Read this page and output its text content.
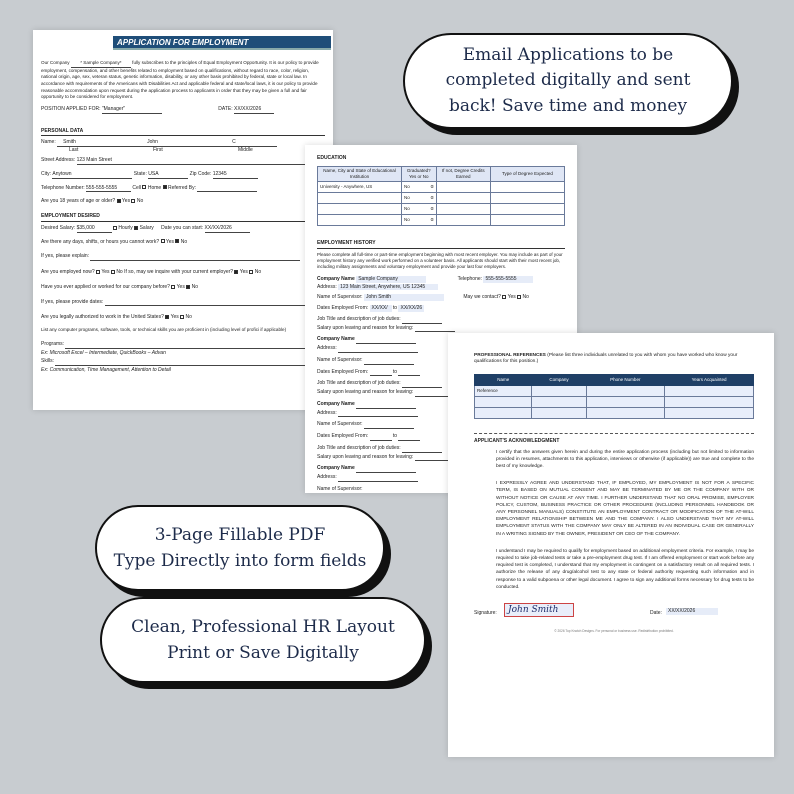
APPLICATION FOR EMPLOYMENT
Our Company * Sample Company* fully subscribes to the principles of Equal Employment Opportunity. It is our policy to provide employment, compensation, and other benefits related to employment based on qualifications, without regard to race, color, religion, national origin, age, sex, veteran status, genetic information, disability, or any other basis prohibited by federal, state or local law. In accordance with requirements of the Americans with Disabilities Act and applicable federal and state/local laws, it is our policy to provide reasonable accommodation upon request during the application process to applicants in order that they may be given a full and fair opportunity to be considered for employment.
POSITION APPLIED FOR: "Manager"	DATE: XX/XX/2026
PERSONAL DATA
Name: Smith	John	C

Last	First	Middle
Street Address: 123 Main Street
City: Anytown	State: USA	Zip Code: 12345
Telephone Number: 555-555-5555	Cell Home Referred By:
Are you 18 years of age or older? Yes No
EMPLOYMENT DESIRED
Desired Salary: $35,000	Hourly Salary Date you can start: XX/XX/2026
Are there any days, shifts, or hours you cannot work? Yes No
If yes, please explain:
Are you employed now? Yes No If so, may we inquire with your current employer? Yes No
Have you ever applied or worked for our company before? Yes No
If yes, please provide dates:
Are you legally authorized to work in the United States? Yes No
List any computer programs, software, tools, or technical skills you are proficient in (including level of profici if applicable)
Programs:
Ex: Microsoft Excel – Intermediate, QuickBooks – Advan
Skills:
Ex: Communication, Time Management, Attention to Detail
EDUCATION
Name, City and State of Educational Institution	Graduated? Yes or No	If not, Degree Credits Earned	Type of Degree Expected
University - Anywhere, US	No ⦻		

	No ⦻		

	No ⦻		

	No ⦻		

EMPLOYMENT HISTORY
Please complete all full-time or part-time employment beginning with most recent employer. You may include as part of your employment history any verified work performed on a volunteer basis. All applicants should start with their most recent job, including military assignments and voluntary employment and provide your last four employers.
Company Name Sample Company	Telephone: 555-555-5555
Address: 123 Main Street, Anywhere, US 12345
Name of Supervisor: John Smith	May we contact? Yes No
Dates Employed From: XX/XX/ to XX/XX/26
Job Title and description of job duties:
Salary upon leaving and reason for leaving:
Company Name
Address:
Name of Supervisor:
Dates Employed From:	to
Job Title and description of job duties:
Salary upon leaving and reason for leaving:
Company Name
Address:
Name of Supervisor:
Dates Employed From:	to
Job Title and description of job duties:
Salary upon leaving and reason for leaving:
Company Name
Address:
Name of Supervisor:
PROFESSIONAL REFERENCES (Please list three individuals unrelated to you with whom you have worked who know your qualifications for this position.)
Name	Company	Phone Number	Years Acquainted
Reference			

APPLICANT'S ACKNOWLEDGMENT

I certify that the answers given herein and during the entire application process (including but not limited to information provided in resumes, attachments to this application, interviews or otherwise (if applicable)) are true and complete to the best of my knowledge.

I EXPRESSLY AGREE AND UNDERSTAND THAT, IF EMPLOYED, MY EMPLOYMENT IS NOT FOR A SPECIFIC TERM, IS BASED ON MUTUAL CONSENT AND MAY BE TERMINATED BY ME OR THE COMPANY WITH OR WITHOUT NOTICE OR CAUSE AT ANY TIME. I FURTHER UNDERSTAND THAT NO ORAL PROMISE, EMPLOYER POLICY, CUSTOM, BUSINESS PRACTICE OR OTHER PROCEDURE (INCLUDING PERSONNEL HANDBOOK OR ANY PERSONNEL MANUALS) CONSTITUTE AN EMPLOYMENT CONTRACT OR MODIFICATION OF THE AT-WILL EMPLOYMENT RELATIONSHIP BETWEEN ME AND THE COMPANY. I ALSO UNDERSTAND THAT MY AT-WILL EMPLOYMENT STATUS WITH THE COMPANY MAY ONLY BE ALTERED IN AN INDIVIDUAL CASE OR GENERALLY IN A WRITING SIGNED BY THE OWNER, PRESIDENT OR CEO OF THE COMPANY.

I understand I may be required to qualify for employment based on additional employment criteria. For example, I may be required to take job-related tests or take a pre-employment drug test. If I am offered employment or start work before any required test is completed, I understand that my employment is contingent on a satisfactory result on all required tests. I authorize the release of any drug/alcohol test to any state or federal authority requesting such information and in response to a valid subpoena or other legal document. I agree to sign any additional forms necessary for drug tests to be conducted.

Signature:	John Smith	Date:	XX/XX/2026
© 2026 Top Knotch Designs. For personal or business use. Redistribution prohibited.
Email Applications to be completed digitally and sent back! Save time and money
3-Page Fillable PDF
Type Directly into form fields
Clean, Professional HR Layout
Print or Save Digitally
